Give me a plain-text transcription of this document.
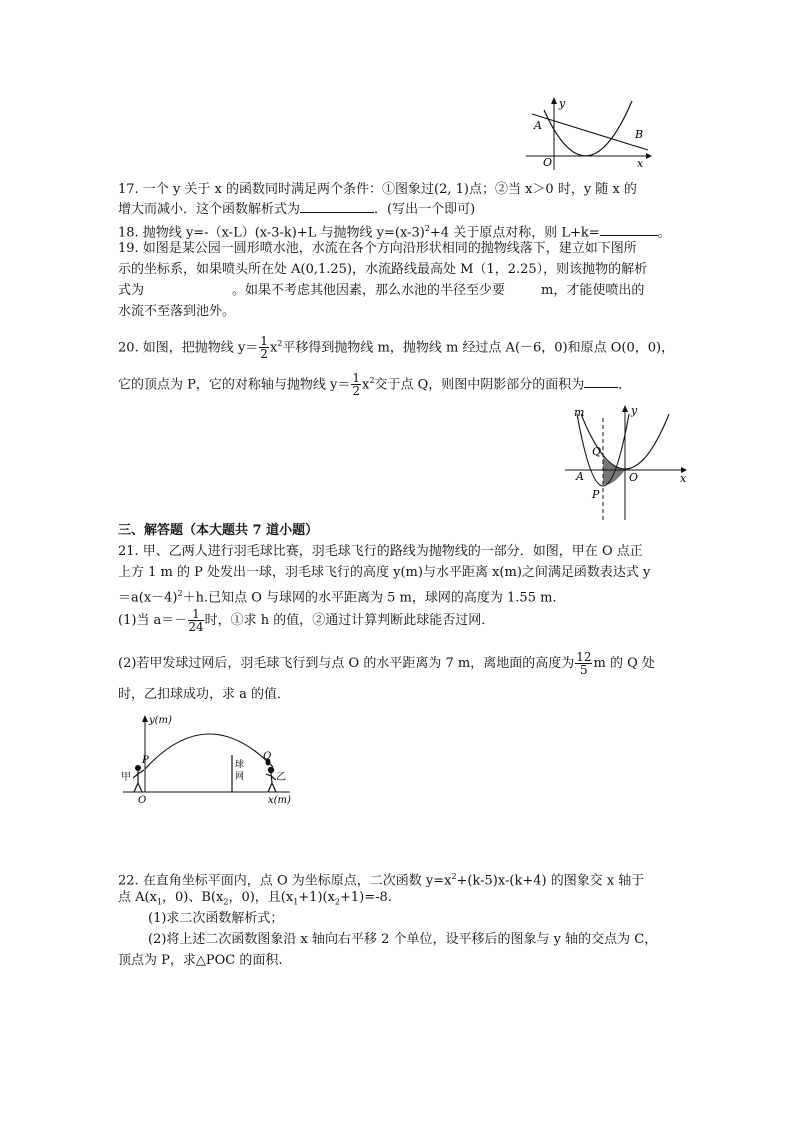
A
B
O	x
y
17. 一个 y 关于 x 的函数同时满足两个条件：①图象过(2, 1)点；②当 x＞0 时，y 随 x 的
增大而减小．这个函数解析式为	．(写出一个即可)
18. 抛物线 y=-（x-L）(x-3-k)+L 与抛物线 $y=(x-3)^2+4$ 关于原点对称，则 L+k=	。
19. 如图是某公园一圆形喷水池，水流在各个方向沿形状相同的抛物线落下，建立如下图所
示的坐标系，如果喷头所在处 A(0,1.25)，水流路线最高处 M（1，2.25），则该抛物的解析
式为	。如果不考虑其他因素，那么水池的半径至少要	m，才能使喷出的
水流不至落到池外。
20. 如图，把抛物线 $y= \frac{1}{2} x^2$平移得到抛物线 m，抛物线 m 经过点 A(－6，0)和原点 O(0，0)，
它的顶点为 P，它的对称轴与抛物线 $y= \frac{1}{2} x^2$交于点 Q，则图中阴影部分的面积为	．
m	y
Q
A	O
P
x
三、解答题（本大题共 7 道小题）
21. 甲、乙两人进行羽毛球比赛，羽毛球飞行的路线为抛物线的一部分．如图，甲在 O 点正
上方 1 m 的 P 处发出一球，羽毛球飞行的高度 y(m)与水平距离 x(m)之间满足函数表达式 y
$=a(x-4)^2+h$.已知点 O 与球网的水平距离为 5 m，球网的高度为 1.55 m.
(1)当 $a=- \frac{1}{24}$ 时，①求 h 的值，②通过计算判断此球能否过网．
(2)若甲发球过网后，羽毛球飞行到与点 O 的水平距离为 7 m，离地面的高度为 $\frac{12}{5}$ m 的 Q 处
时，乙扣球成功，求 a 的值．
y(m)
x(m)
P	Q
O
甲	乙
球
网
22. 在直角坐标平面内，点 O 为坐标原点，二次函数 $y=x^2+(k-5)x-(k+4)$ 的图象交 x 轴于
点 $A(x_1$，0)、$B(x_2$，0)，且$(x_1+1)(x_2+1)=-8$.
(1)求二次函数解析式；
(2)将上述二次函数图象沿 x 轴向右平移 2 个单位，设平移后的图象与 y 轴的交点为 C，
顶点为 P，求△POC 的面积.
